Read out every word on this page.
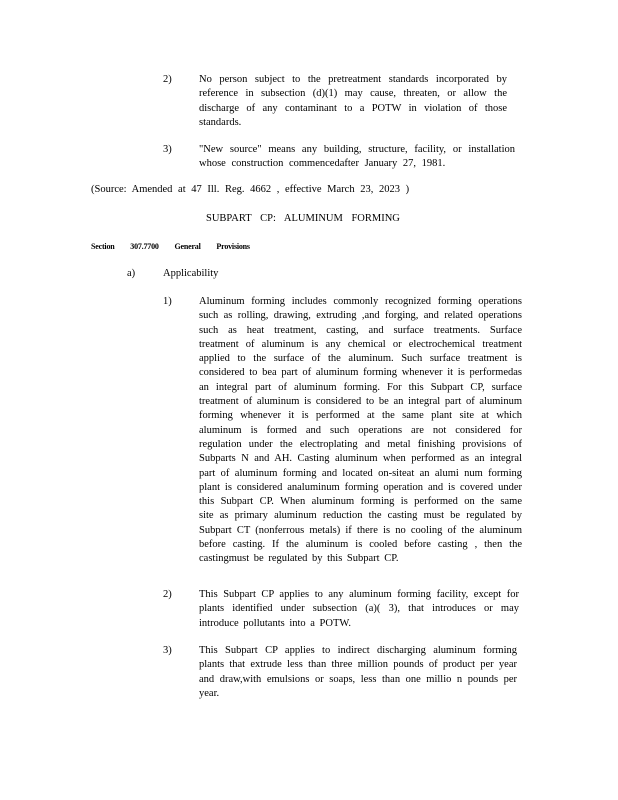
2)	No person subject to the pretreatment standards incorporated by reference in subsection (d)(1) may cause, threaten, or allow the discharge of any contaminant to a POTW in violation of those standards.
3)	"New source" means any building, structure, facility, or installation whose construction commencedafter January 27, 1981.
(Source: Amended at 47 Ill. Reg. 4662 , effective March 23, 2023 )
SUBPART CP: ALUMINUM FORMING
Section 307.7700 General Provisions
a)	Applicability
1)	Aluminum forming includes commonly recognized forming operations such as rolling, drawing, extruding ,and forging, and related operations such as heat treatment, casting, and surface treatments. Surface treatment of aluminum is any chemical or electrochemical treatment applied to the surface of the aluminum. Such surface treatment is considered to bea part of aluminum forming whenever it is performedas an integral part of aluminum forming. For this Subpart CP, surface treatment of aluminum is considered to be an integral part of aluminum forming whenever it is performed at the same plant site at which aluminum is formed and such operations are not considered for regulation under the electroplating and metal finishing provisions of Subparts N and AH. Casting aluminum when performed as an integral part of aluminum forming and located on-siteat an alumi num forming plant is considered analuminum forming operation and is covered under this Subpart CP. When aluminum forming is performed on the same site as primary aluminum reduction the casting must be regulated by Subpart CT (nonferrous metals) if there is no cooling of the aluminum before casting. If the aluminum is cooled before casting , then the castingmust be regulated by this Subpart CP.
2)	This Subpart CP applies to any aluminum forming facility, except for plants identified under subsection (a)( 3), that introduces or may introduce pollutants into a POTW.
3)	This Subpart CP applies to indirect discharging aluminum forming plants that extrude less than three million pounds of product per year and draw,with emulsions or soaps, less than one millio n pounds per year.
